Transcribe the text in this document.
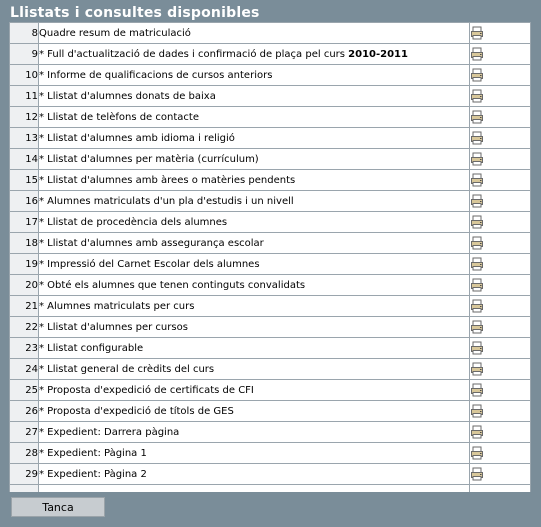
Llistats i consultes disponibles
8	Quadre resum de matriculació	
9	* Full d'actualització de dades i confirmació de plaça pel curs 2010-2011	
10	* Informe de qualificacions de cursos anteriors	
11	* Llistat d'alumnes donats de baixa	
12	* Llistat de telèfons de contacte	
13	* Llistat d'alumnes amb idioma i religió	
14	* Llistat d'alumnes per matèria (currículum)	
15	* Llistat d'alumnes amb àrees o matèries pendents	
16	* Alumnes matriculats d'un pla d'estudis i un nivell	
17	* Llistat de procedència dels alumnes	
18	* Llistat d'alumnes amb assegurança escolar	
19	* Impressió del Carnet Escolar dels alumnes	
20	* Obté els alumnes que tenen continguts convalidats	
21	* Alumnes matriculats per curs	
22	* Llistat d'alumnes per cursos	
23	* Llistat configurable	
24	* Llistat general de crèdits del curs	
25	* Proposta d'expedició de certificats de CFI	
26	* Proposta d'expedició de títols de GES	
27	* Expedient: Darrera pàgina	
28	* Expedient: Pàgina 1	
29	* Expedient: Pàgina 2	

Tanca
